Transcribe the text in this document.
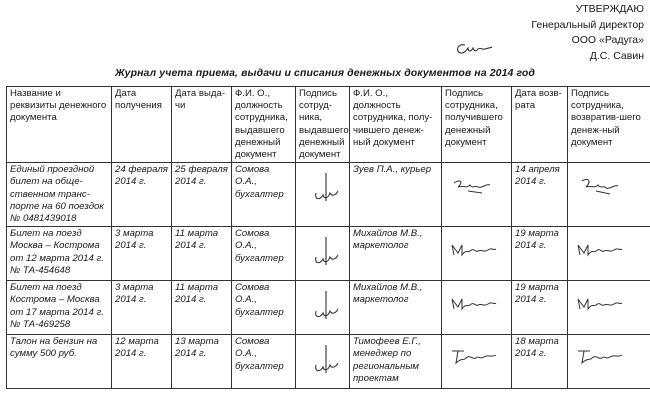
УТВЕРЖДАЮ
Генеральный директор
ООО «Радуга»
Д.С. Савин
Журнал учета приема, выдачи и списания денежных документов на 2014 год
Название и реквизиты денежного документа	Дата получения	Дата выда-чи	Ф.И. О., должность сотрудника, выдавшего денежный документ	Подпись сотруд-ника, выдавшего денежный документ	Ф.И. О., должность сотрудника, полу-чившего денеж-ный документ	Подпись сотрудника, получившего денежный документ	Дата возв-рата	Подпись сотрудника, возвратив-шего денеж-ный документ
Единый проездной билет на обще-ственном транс-порте на 60 поездок № 0481439018	24 февраля 2014 г.	25 февраля 2014 г.	Сомова О.А., бухгалтер		Зуев П.А., курьер		14 апреля 2014 г.	

Билет на поезд Москва – Кострома от 12 марта 2014 г. № ТА-454648	3 марта 2014 г.	11 марта 2014 г.	Сомова О.А., бухгалтер		Михайлов М.В., маркетолог		19 марта 2014 г.	

Билет на поезд Кострома – Москва от 17 марта 2014 г. № ТА-469258	3 марта 2014 г.	11 марта 2014 г.	Сомова О.А., бухгалтер		Михайлов М.В., маркетолог		19 марта 2014 г.	

Талон на бензин на сумму 500 руб.	12 марта 2014 г.	13 марта 2014 г.	Сомова О.А., бухгалтер		Тимофеев Е.Г., менеджер по региональным проектам		18 марта 2014 г.	
